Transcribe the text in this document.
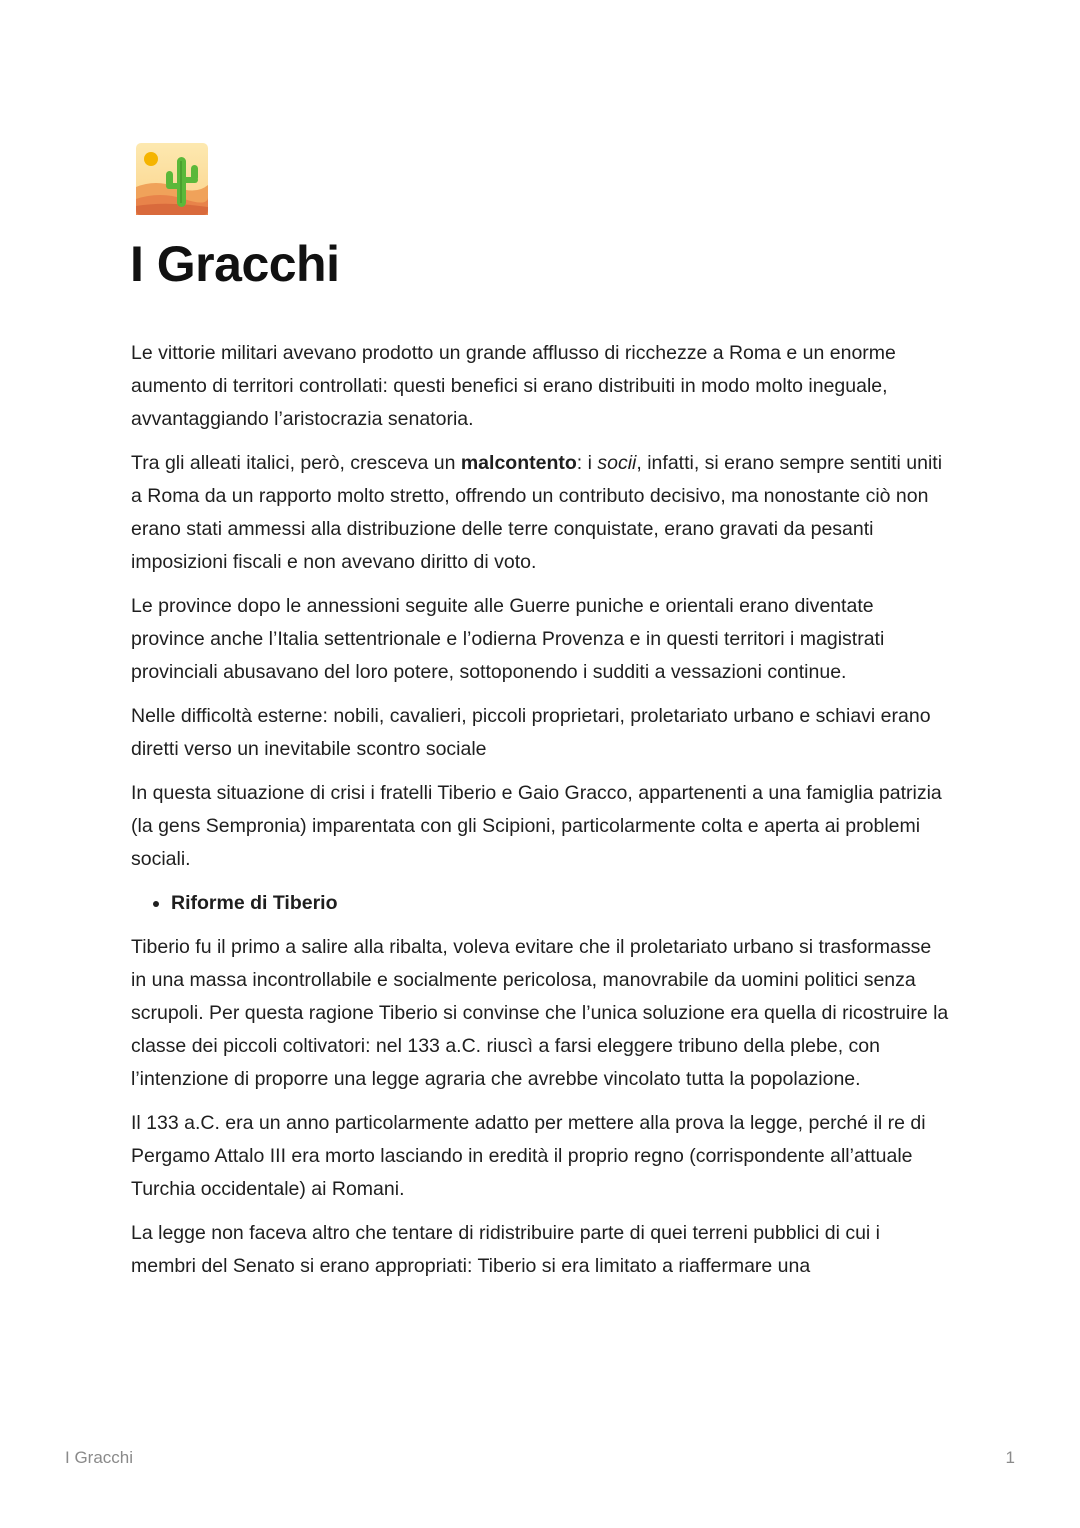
I Gracchi

Le vittorie militari avevano prodotto un grande afflusso di ricchezze a Roma e un enorme aumento di territori controllati: questi benefici si erano distribuiti in modo molto ineguale, avvantaggiando l’aristocrazia senatoria.

Tra gli alleati italici, però, cresceva un malcontento: i socii, infatti, si erano sempre sentiti uniti a Roma da un rapporto molto stretto, offrendo un contributo decisivo, ma nonostante ciò non erano stati ammessi alla distribuzione delle terre conquistate, erano gravati da pesanti imposizioni fiscali e non avevano diritto di voto.

Le province dopo le annessioni seguite alle Guerre puniche e orientali erano diventate province anche l’Italia settentrionale e l’odierna Provenza e in questi territori i magistrati provinciali abusavano del loro potere, sottoponendo i sudditi a vessazioni continue.

Nelle difficoltà esterne: nobili, cavalieri, piccoli proprietari, proletariato urbano e schiavi erano diretti verso un inevitabile scontro sociale

In questa situazione di crisi i fratelli Tiberio e Gaio Gracco, appartenenti a una famiglia patrizia (la gens Sempronia) imparentata con gli Scipioni, particolarmente colta e aperta ai problemi sociali.

• Riforme di Tiberio

Tiberio fu il primo a salire alla ribalta, voleva evitare che il proletariato urbano si trasformasse in una massa incontrollabile e socialmente pericolosa, manovrabile da uomini politici senza scrupoli. Per questa ragione Tiberio si convinse che l’unica soluzione era quella di ricostruire la classe dei piccoli coltivatori: nel 133 a.C. riuscì a farsi eleggere tribuno della plebe, con l’intenzione di proporre una legge agraria che avrebbe vincolato tutta la popolazione.

Il 133 a.C. era un anno particolarmente adatto per mettere alla prova la legge, perché il re di Pergamo Attalo III era morto lasciando in eredità il proprio regno (corrispondente all’attuale Turchia occidentale) ai Romani.

La legge non faceva altro che tentare di ridistribuire parte di quei terreni pubblici di cui i membri del Senato si erano appropriati: Tiberio si era limitato a riaffermare una

I Gracchi	1
